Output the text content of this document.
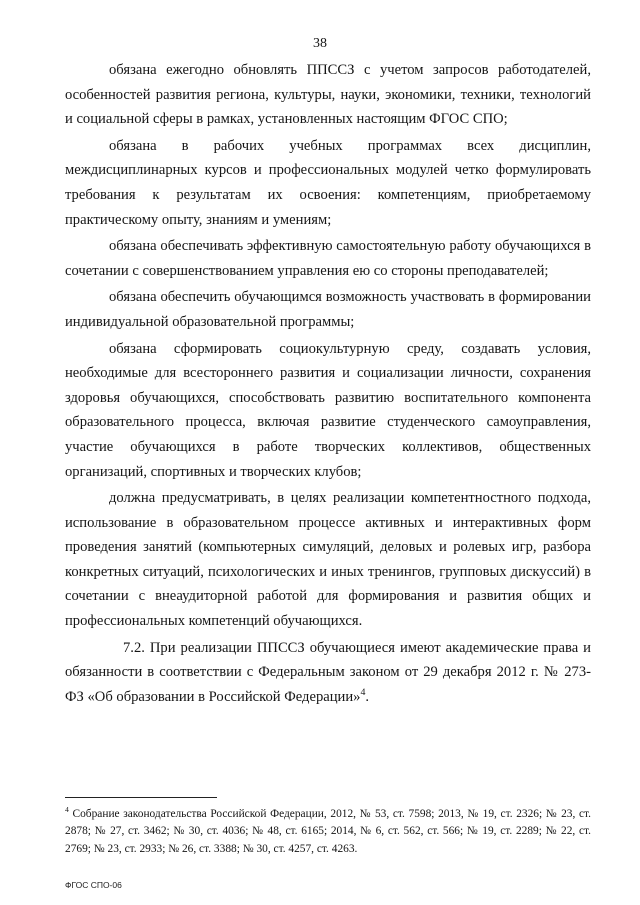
38

обязана ежегодно обновлять ППССЗ с учетом запросов работодателей, особенностей развития региона, культуры, науки, экономики, техники, технологий и социальной сферы в рамках, установленных настоящим ФГОС СПО;

обязана в рабочих учебных программах всех дисциплин, междисциплинарных курсов и профессиональных модулей четко формулировать требования к результатам их освоения: компетенциям, приобретаемому практическому опыту, знаниям и умениям;

обязана обеспечивать эффективную самостоятельную работу обучающихся в сочетании с совершенствованием управления ею со стороны преподавателей;

обязана обеспечить обучающимся возможность участвовать в формировании индивидуальной образовательной программы;

обязана сформировать социокультурную среду, создавать условия, необходимые для всестороннего развития и социализации личности, сохранения здоровья обучающихся, способствовать развитию воспитательного компонента образовательного процесса, включая развитие студенческого самоуправления, участие обучающихся в работе творческих коллективов, общественных организаций, спортивных и творческих клубов;

должна предусматривать, в целях реализации компетентностного подхода, использование в образовательном процессе активных и интерактивных форм проведения занятий (компьютерных симуляций, деловых и ролевых игр, разбора конкретных ситуаций, психологических и иных тренингов, групповых дискуссий) в сочетании с внеаудиторной работой для формирования и развития общих и профессиональных компетенций обучающихся.

7.2. При реализации ППССЗ обучающиеся имеют академические права и обязанности в соответствии с Федеральным законом от 29 декабря 2012 г. № 273-ФЗ «Об образовании в Российской Федерации»$^4$.

$^4$ Собрание законодательства Российской Федерации, 2012, № 53, ст. 7598; 2013, № 19, ст. 2326; № 23, ст. 2878; № 27, ст. 3462; № 30, ст. 4036; № 48, ст. 6165; 2014, № 6, ст. 562, ст. 566; № 19, ст. 2289; № 22, ст. 2769; № 23, ст. 2933; № 26, ст. 3388; № 30, ст. 4257, ст. 4263.

ФГОС СПО-06
